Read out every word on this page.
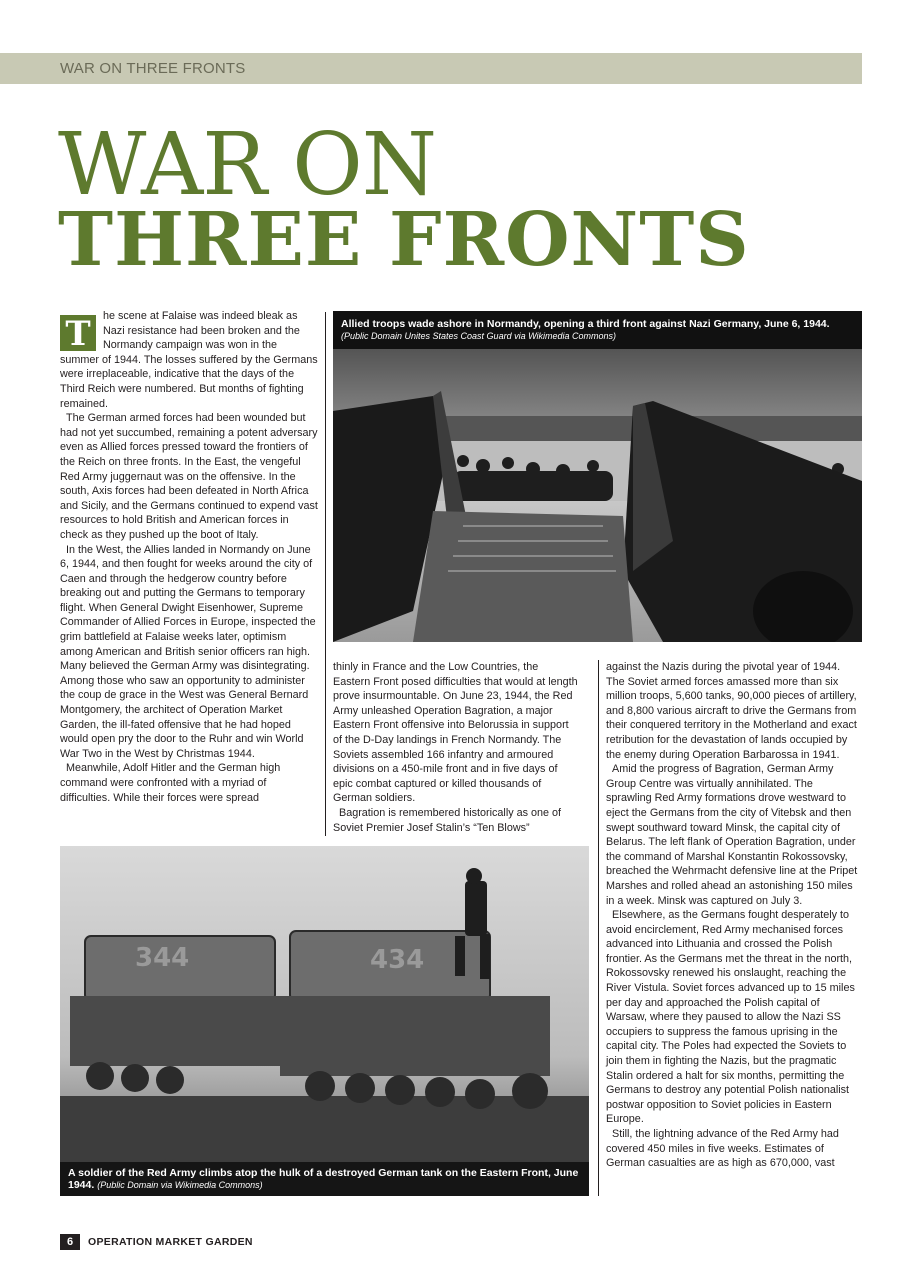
WAR ON THREE FRONTS
WAR ON
THREE FRONTS
T	he scene at Falaise was indeed bleak as Nazi resistance had been broken and the Normandy campaign was won in the summer of 1944. The losses suffered by the Germans were irreplaceable, indicative that the days of the Third Reich were numbered. But months of fighting remained.

The German armed forces had been wounded but had not yet succumbed, remaining a potent adversary even as Allied forces pressed toward the frontiers of the Reich on three fronts. In the East, the vengeful Red Army juggernaut was on the offensive. In the south, Axis forces had been defeated in North Africa and Sicily, and the Germans continued to expend vast resources to hold British and American forces in check as they pushed up the boot of Italy.

In the West, the Allies landed in Normandy on June 6, 1944, and then fought for weeks around the city of Caen and through the hedgerow country before breaking out and putting the Germans to temporary flight. When General Dwight Eisenhower, Supreme Commander of Allied Forces in Europe, inspected the grim battlefield at Falaise weeks later, optimism among American and British senior officers ran high. Many believed the German Army was disintegrating. Among those who saw an opportunity to administer the coup de grace in the West was General Bernard Montgomery, the architect of Operation Market Garden, the ill-fated offensive that he had hoped would open pry the door to the Ruhr and win World War Two in the West by Christmas 1944.

Meanwhile, Adolf Hitler and the German high command were confronted with a myriad of difficulties. While their forces were spread

Allied troops wade ashore in Normandy, opening a third front against Nazi Germany, June 6, 1944.
(Public Domain Unites States Coast Guard via Wikimedia Commons)

thinly in France and the Low Countries, the Eastern Front posed difficulties that would at length prove insurmountable. On June 23, 1944, the Red Army unleashed Operation Bagration, a major Eastern Front offensive into Belorussia in support of the D-Day landings in French Normandy. The Soviets assembled 166 infantry and armoured divisions on a 450-mile front and in five days of epic combat captured or killed thousands of German soldiers.

Bagration is remembered historically as one of Soviet Premier Josef Stalin’s “Ten Blows”

against the Nazis during the pivotal year of 1944. The Soviet armed forces amassed more than six million troops, 5,600 tanks, 90,000 pieces of artillery, and 8,800 various aircraft to drive the Germans from their conquered territory in the Motherland and exact retribution for the devastation of lands occupied by the enemy during Operation Barbarossa in 1941.

Amid the progress of Bagration, German Army Group Centre was virtually annihilated. The sprawling Red Army formations drove westward to eject the Germans from the city of Vitebsk and then swept southward toward Minsk, the capital city of Belarus. The left flank of Operation Bagration, under the command of Marshal Konstantin Rokossovsky, breached the Wehrmacht defensive line at the Pripet Marshes and rolled ahead an astonishing 150 miles in a week. Minsk was captured on July 3.

Elsewhere, as the Germans fought desperately to avoid encirclement, Red Army mechanised forces advanced into Lithuania and crossed the Polish frontier. As the Germans met the threat in the north, Rokossovsky renewed his onslaught, reaching the River Vistula. Soviet forces advanced up to 15 miles per day and approached the Polish capital of Warsaw, where they paused to allow the Nazi SS occupiers to suppress the famous uprising in the capital city. The Poles had expected the Soviets to join them in fighting the Nazis, but the pragmatic Stalin ordered a halt for six months, permitting the Germans to destroy any potential Polish nationalist postwar opposition to Soviet policies in Eastern Europe.

Still, the lightning advance of the Red Army had covered 450 miles in five weeks. Estimates of German casualties are as high as 670,000, vast

344	434
A soldier of the Red Army climbs atop the hulk of a destroyed German tank on the Eastern Front, June 1944. (Public Domain via Wikimedia Commons)
6	OPERATION MARKET GARDEN
